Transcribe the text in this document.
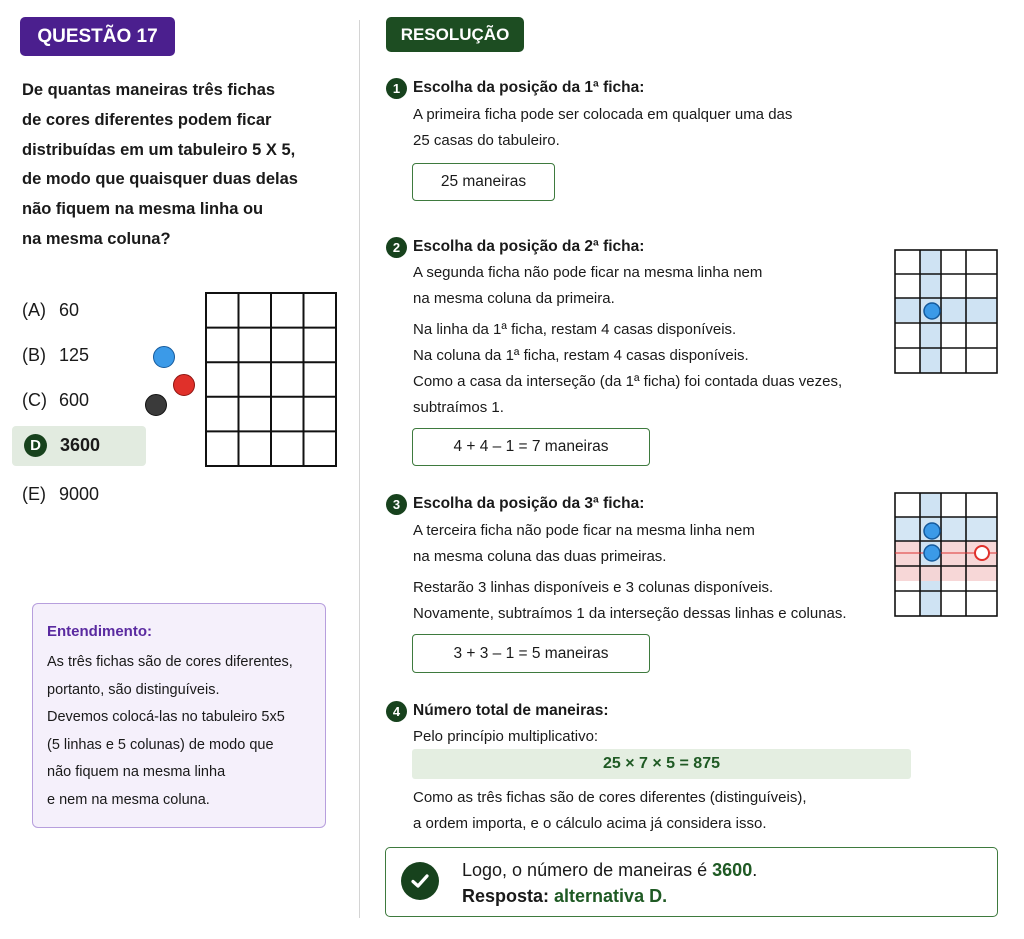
QUESTÃO 17
De quantas maneiras três fichas
de cores diferentes podem ficar
distribuídas em um tabuleiro 5 X 5,
de modo que quaisquer duas delas
não fiquem na mesma linha ou
na mesma coluna?
(A) 60
(B) 125
(C) 600
D	3600
(E) 9000
Entendimento:
As três fichas são de cores diferentes,
portanto, são distinguíveis.
Devemos colocá-las no tabuleiro 5x5
(5 linhas e 5 colunas) de modo que
não fiquem na mesma linha
e nem na mesma coluna.
RESOLUÇÃO
1 Escolha da posição da 1ª ficha:
A primeira ficha pode ser colocada em qualquer uma das
25 casas do tabuleiro.
25 maneiras
2 Escolha da posição da 2ª ficha:
A segunda ficha não pode ficar na mesma linha nem
na mesma coluna da primeira.
Na linha da 1ª ficha, restam 4 casas disponíveis.
Na coluna da 1ª ficha, restam 4 casas disponíveis.
Como a casa da interseção (da 1ª ficha) foi contada duas vezes,
subtraímos 1.
4 + 4 – 1 = 7 maneiras
3 Escolha da posição da 3ª ficha:
A terceira ficha não pode ficar na mesma linha nem
na mesma coluna das duas primeiras.
Restarão 3 linhas disponíveis e 3 colunas disponíveis.
Novamente, subtraímos 1 da interseção dessas linhas e colunas.
3 + 3 – 1 = 5 maneiras
4 Número total de maneiras:
Pelo princípio multiplicativo:
25 × 7 × 5 = 875
Como as três fichas são de cores diferentes (distinguíveis),
a ordem importa, e o cálculo acima já considera isso.
Logo, o número de maneiras é 3600.
Resposta: alternativa D.
